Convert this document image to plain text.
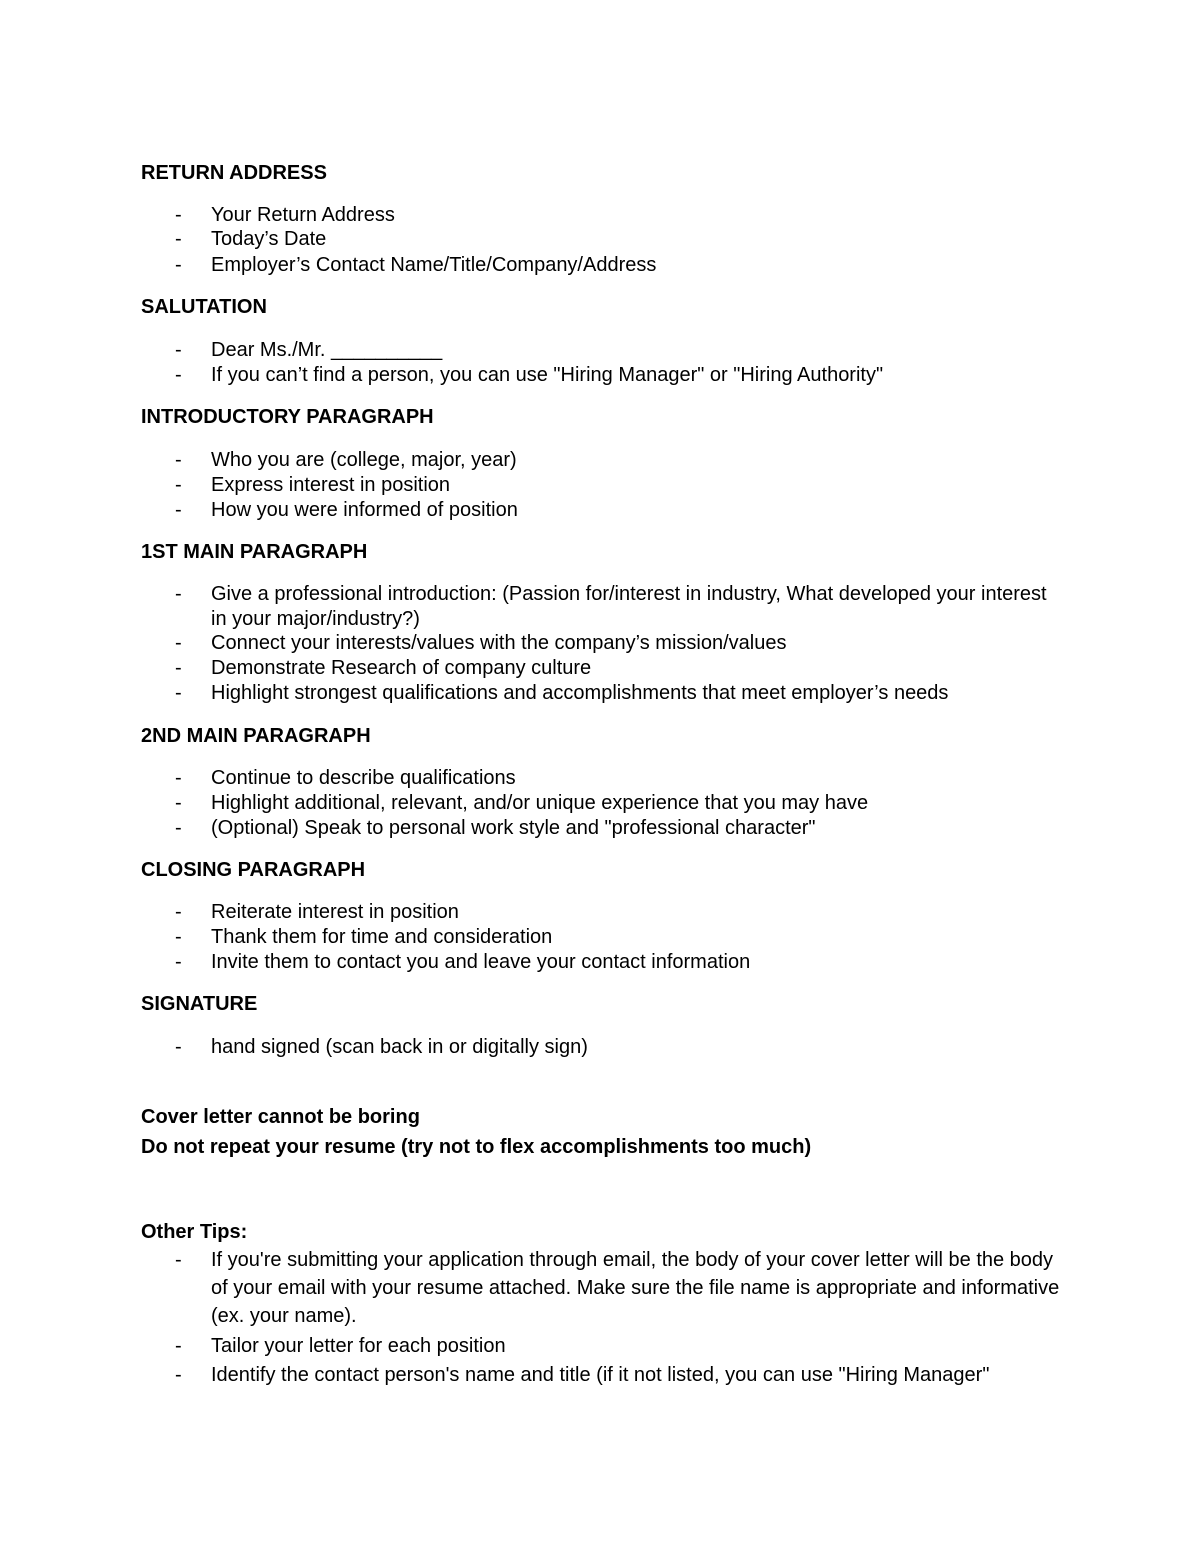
RETURN ADDRESS
- Your Return Address
- Today’s Date
- Employer’s Contact Name/Title/Company/Address
SALUTATION
- Dear Ms./Mr. __________
- If you can’t find a person, you can use "Hiring Manager" or "Hiring Authority"
INTRODUCTORY PARAGRAPH
- Who you are (college, major, year)
- Express interest in position
- How you were informed of position
1ST MAIN PARAGRAPH
- Give a professional introduction: (Passion for/interest in industry, What developed your interest in your major/industry?)
- Connect your interests/values with the company’s mission/values
- Demonstrate Research of company culture
- Highlight strongest qualifications and accomplishments that meet employer’s needs
2ND MAIN PARAGRAPH
- Continue to describe qualifications
- Highlight additional, relevant, and/or unique experience that you may have
- (Optional) Speak to personal work style and "professional character"
CLOSING PARAGRAPH
- Reiterate interest in position
- Thank them for time and consideration
- Invite them to contact you and leave your contact information
SIGNATURE
- hand signed (scan back in or digitally sign)
Cover letter cannot be boring
Do not repeat your resume (try not to flex accomplishments too much)
Other Tips:
- If you're submitting your application through email, the body of your cover letter will be the body of your email with your resume attached. Make sure the file name is appropriate and informative (ex. your name).
- Tailor your letter for each position
- Identify the contact person's name and title (if it not listed, you can use "Hiring Manager"
